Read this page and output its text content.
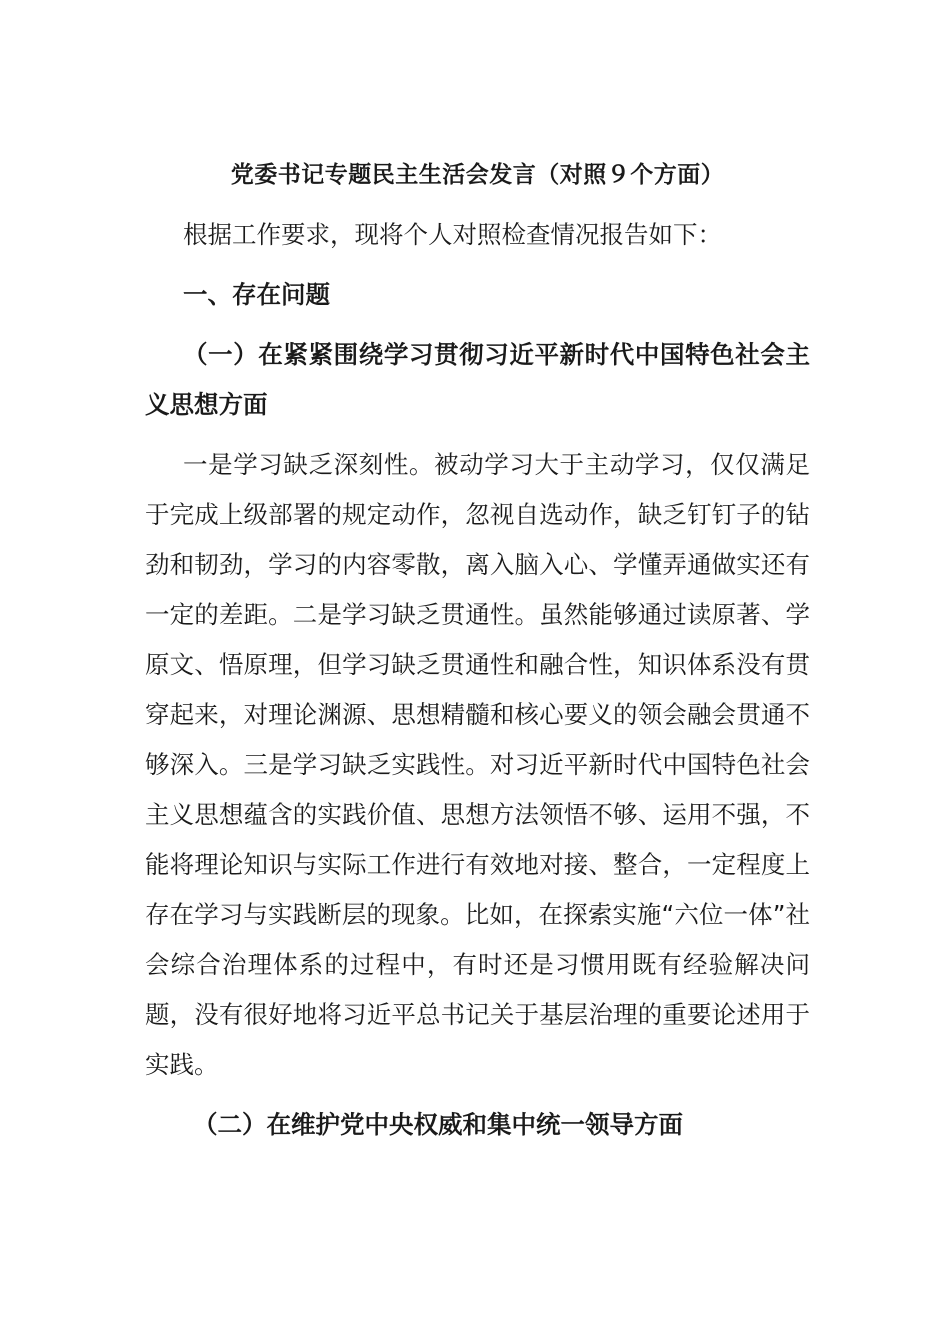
党委书记专题民主生活会发言（对照９个方面）

根据工作要求，现将个人对照检查情况报告如下：

一、存在问题

（一）在紧紧围绕学习贯彻习近平新时代中国特色社会主义思想方面

一是学习缺乏深刻性。被动学习大于主动学习，仅仅满足于完成上级部署的规定动作，忽视自选动作，缺乏钉钉子的钻劲和韧劲，学习的内容零散，离入脑入心、学懂弄通做实还有一定的差距。二是学习缺乏贯通性。虽然能够通过读原著、学原文、悟原理，但学习缺乏贯通性和融合性，知识体系没有贯穿起来，对理论渊源、思想精髓和核心要义的领会融会贯通不够深入。三是学习缺乏实践性。对习近平新时代中国特色社会主义思想蕴含的实践价值、思想方法领悟不够、运用不强，不能将理论知识与实际工作进行有效地对接、整合，一定程度上存在学习与实践断层的现象。比如，在探索实施“六位一体”社会综合治理体系的过程中，有时还是习惯用既有经验解决问题，没有很好地将习近平总书记关于基层治理的重要论述用于实践。

（二）在维护党中央权威和集中统一领导方面
